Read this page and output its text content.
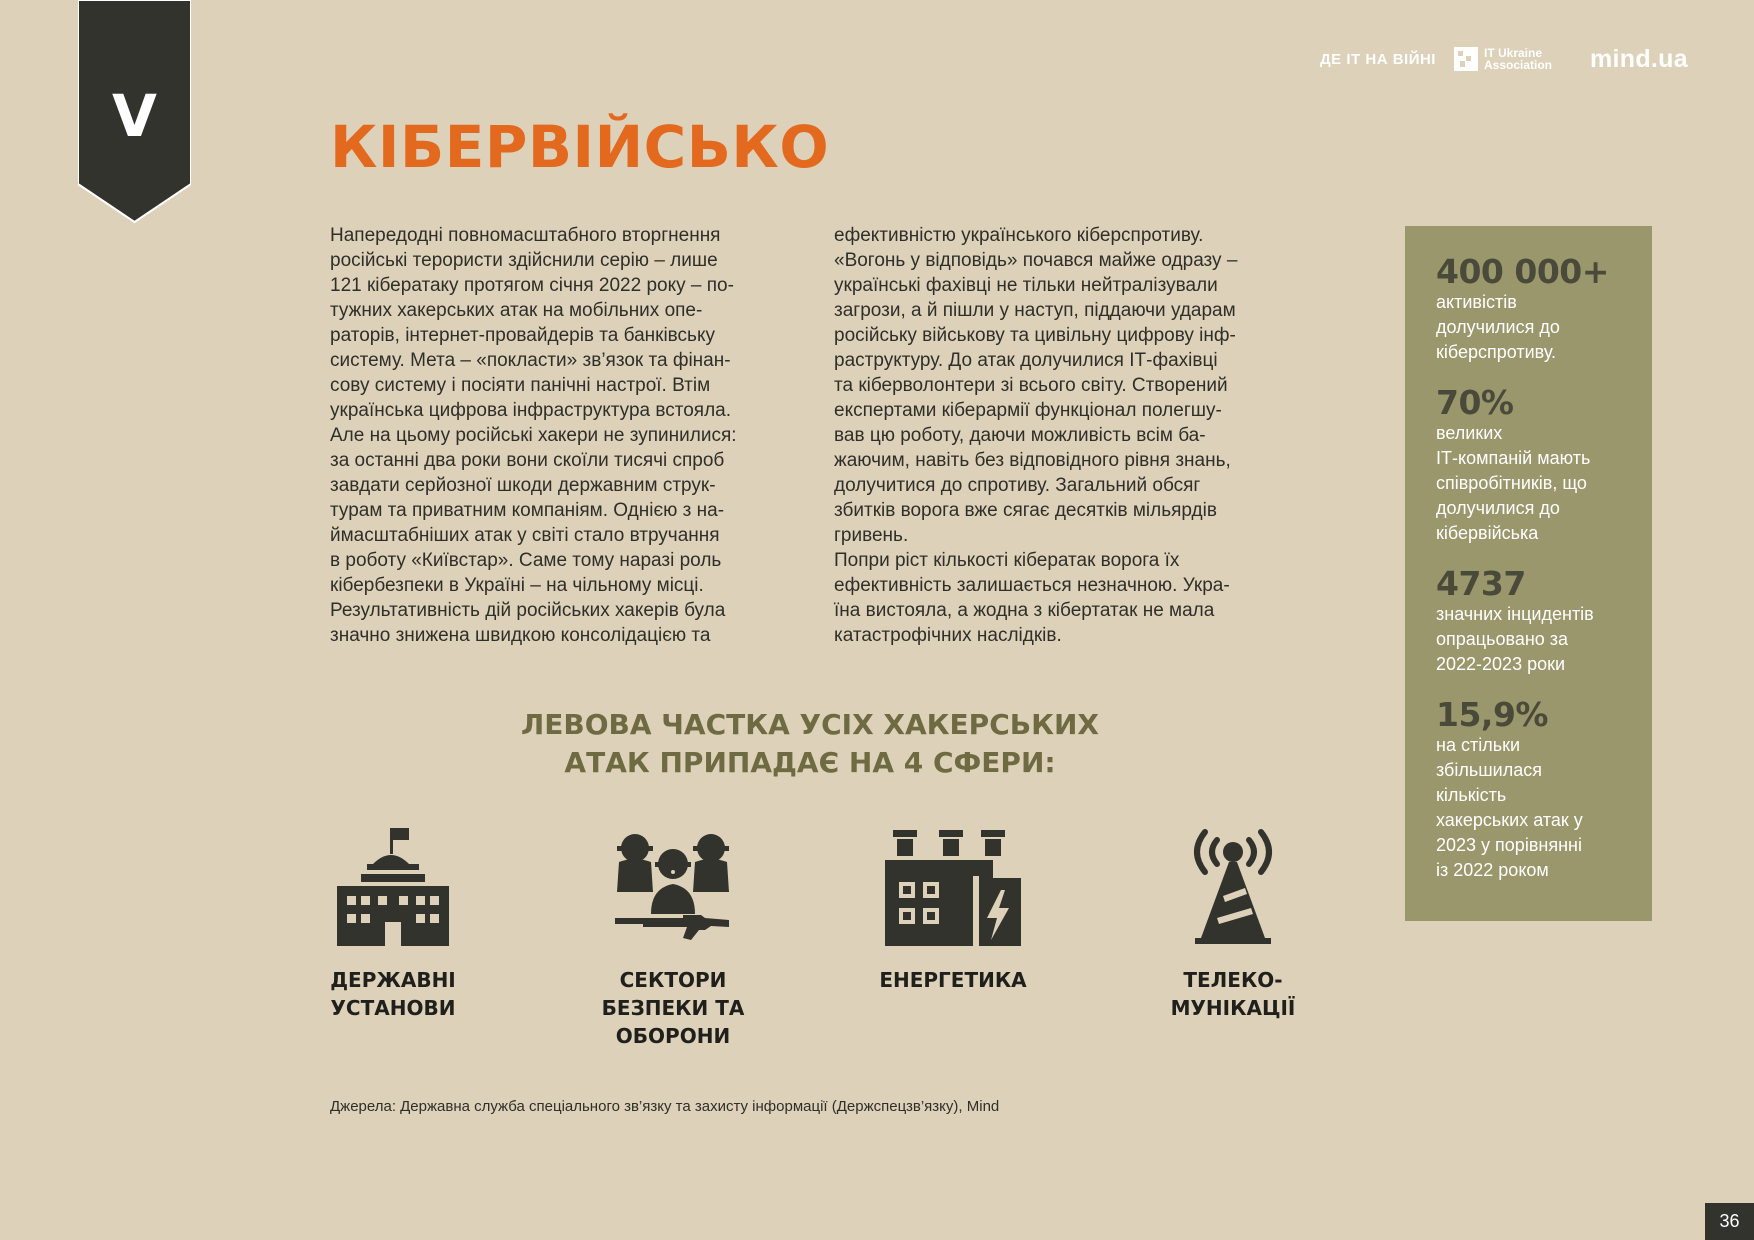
V
ДЕ ІТ НА ВІЙНІ	IT Ukraine Association	mind.ua
КІБЕРВІЙСЬКО

Напередодні повномасштабного вторгнення
російські терористи здійснили серію – лише
121 кібератаку протягом січня 2022 року – по-
тужних хакерських атак на мобільних опе-
раторів, інтернет-провайдерів та банківську
систему. Мета – «покласти» зв’язок та фінан-
сову систему і посіяти панічні настрої. Втім
українська цифрова інфраструктура встояла.
Але на цьому російські хакери не зупинилися:
за останні два роки вони скоїли тисячі спроб
завдати серйозної шкоди державним струк-
турам та приватним компаніям. Однією з на-
ймасштабніших атак у світі стало втручання
в роботу «Київстар». Саме тому наразі роль
кібербезпеки в Україні – на чільному місці.
Результативність дій російських хакерів була
значно знижена швидкою консолідацією та

ефективністю українського кіберспротиву.
«Вогонь у відповідь» почався майже одразу –
українські фахівці не тільки нейтралізували
загрози, а й пішли у наступ, піддаючи ударам
російську військову та цивільну цифрову інф-
раструктуру. До атак долучилися ІТ-фахівці
та кіберволонтери зі всього світу. Створений
експертами кіберармії функціонал полегшу-
вав цю роботу, даючи можливість всім ба-
жаючим, навіть без відповідного рівня знань,
долучитися до спротиву. Загальний обсяг
збитків ворога вже сягає десятків мільярдів
гривень.
Попри ріст кількості кібератак ворога їх
ефективність залишається незначною. Укра-
їна вистояла, а жодна з кібертатак не мала
катастрофічних наслідків.

400 000+
активістів
долучилися до
кіберспротиву.
70%
великих
ІТ-компаній мають
співробітників, що
долучилися до
кібервійська
4737
значних інцидентів
опрацьовано за
2022-2023 роки
15,9%
на стільки
збільшилася
кількість
хакерських атак у
2023 у порівнянні
із 2022 роком
ЛЕВОВА ЧАСТКА УСІХ ХАКЕРСЬКИХ
АТАК ПРИПАДАЄ НА 4 СФЕРИ:
ДЕРЖАВНІ
УСТАНОВИ
СЕКТОРИ
БЕЗПЕКИ ТА
ОБОРОНИ
ЕНЕРГЕТИКА	ТЕЛЕКО-
МУНІКАЦІЇ
Джерела: Державна служба спеціального зв’язку та захисту інформації (Держспецзв’язку), Mind
36
